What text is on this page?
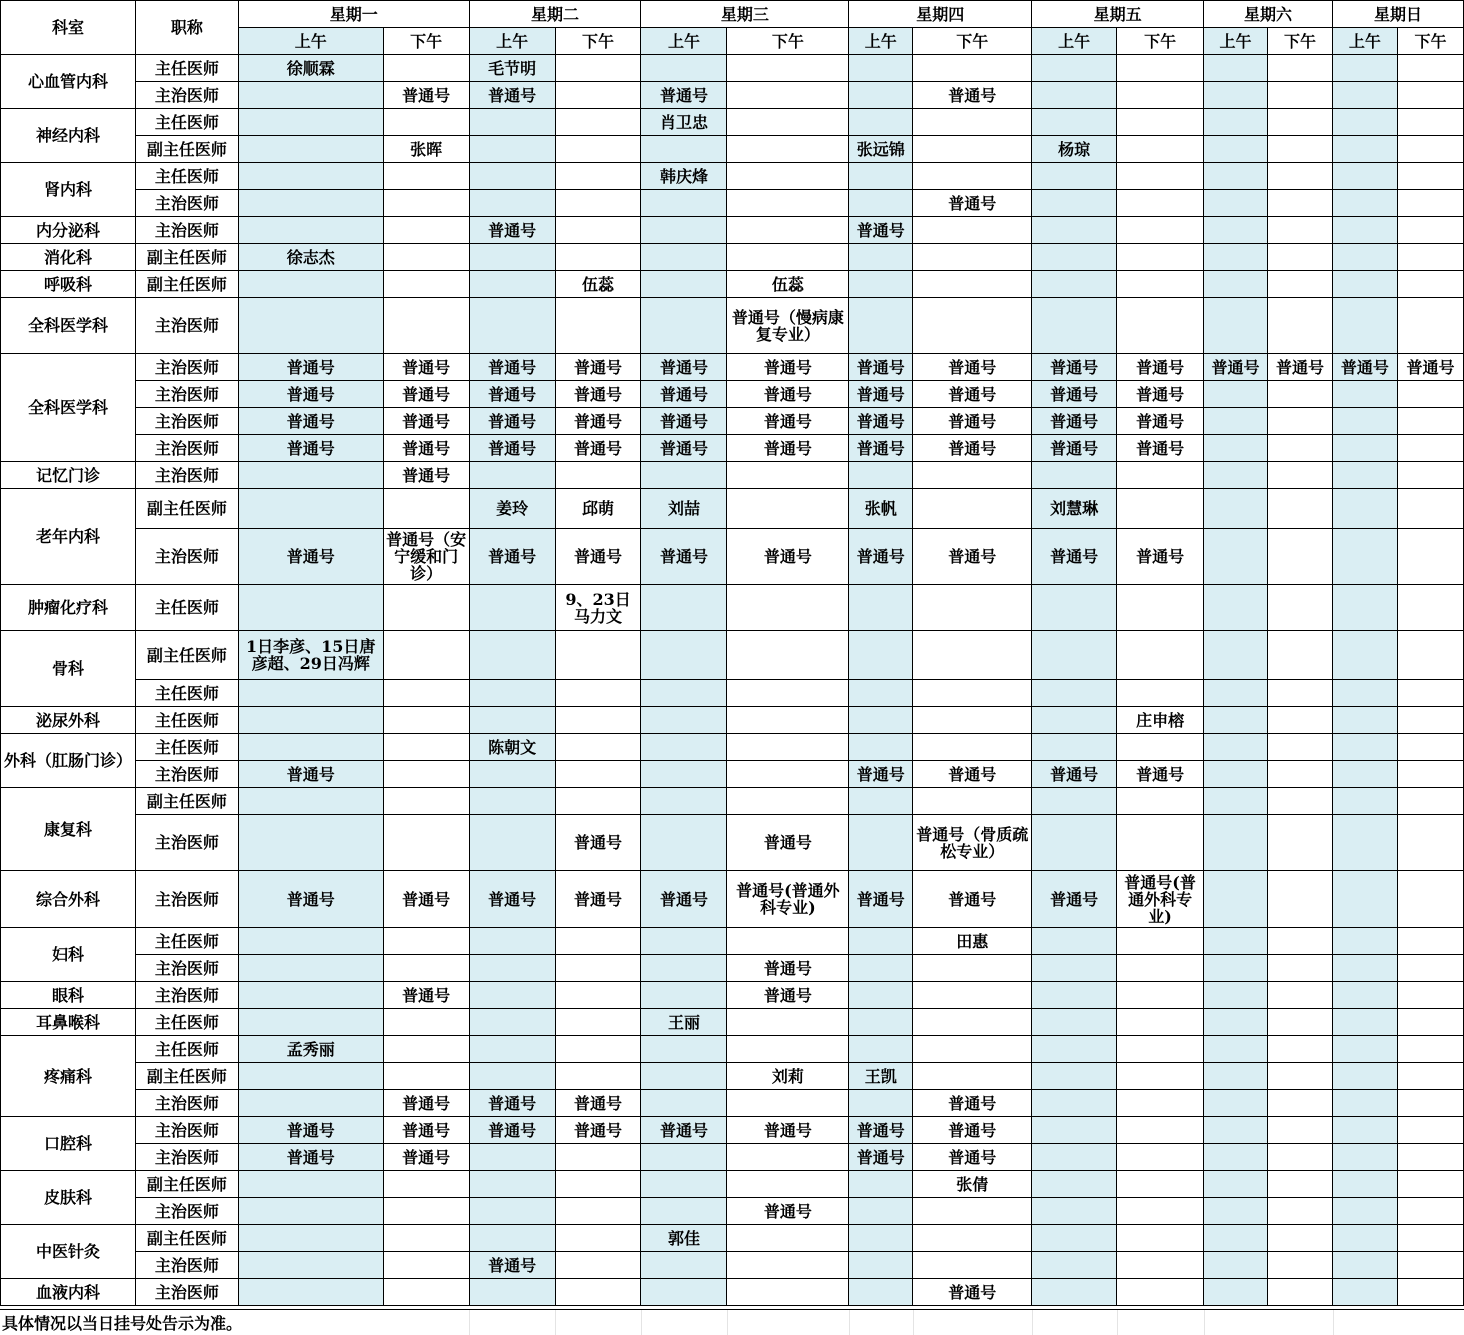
科室	职称	星期一		星期二		星期三		星期四		星期五		星期六		星期日	
		上午	下午	上午	下午	上午	下午	上午	下午	上午	下午	上午	下午	上午	下午
心血管内科	主任医师	徐顺霖		毛节明											
	主治医师		普通号	普通号		普通号			普通号						
神经内科	主任医师					肖卫忠									
	副主任医师		张晖					张远锦		杨琼					
肾内科	主任医师					韩庆烽									
	主治医师								普通号						
内分泌科	主治医师			普通号				普通号							
消化科	副主任医师	徐志杰													
呼吸科	副主任医师				伍蕊		伍蕊								
全科医学科	主治医师						普通号（慢病康复专业）								
全科医学科	主治医师	普通号	普通号	普通号	普通号	普通号	普通号	普通号	普通号	普通号	普通号	普通号	普通号	普通号	普通号
	主治医师	普通号	普通号	普通号	普通号	普通号	普通号	普通号	普通号	普通号	普通号				
	主治医师	普通号	普通号	普通号	普通号	普通号	普通号	普通号	普通号	普通号	普通号				
	主治医师	普通号	普通号	普通号	普通号	普通号	普通号	普通号	普通号	普通号	普通号				
记忆门诊	主治医师		普通号												
老年内科	副主任医师			姜玲	邱萌	刘喆		张帆		刘慧琳					
	主治医师	普通号	普通号（安宁缓和门诊）	普通号	普通号	普通号	普通号	普通号	普通号	普通号	普通号				
肿瘤化疗科	主任医师				9、23日马力文										
骨科	副主任医师	1日李彦、15日唐彦超、29日冯辉													
	主任医师														
泌尿外科	主任医师										庄申榕				
外科（肛肠门诊）	主任医师			陈朝文											
	主治医师	普通号						普通号	普通号	普通号	普通号				
康复科	副主任医师														
	主治医师				普通号		普通号		普通号（骨质疏松专业）						
综合外科	主治医师	普通号	普通号	普通号	普通号	普通号	普通号(普通外科专业)	普通号	普通号	普通号	普通号(普通外科专业)				
妇科	主任医师								田惠						
	主治医师						普通号								
眼科	主治医师		普通号				普通号								
耳鼻喉科	主任医师					王丽									
疼痛科	主任医师	孟秀丽													
	副主任医师						刘莉	王凯							
	主治医师		普通号	普通号	普通号				普通号						
口腔科	主治医师	普通号	普通号	普通号	普通号	普通号	普通号	普通号	普通号						
	主治医师	普通号	普通号					普通号	普通号						
皮肤科	副主任医师								张倩						
	主治医师						普通号								
中医针灸	副主任医师					郭佳									
	主治医师			普通号											
血液内科	主治医师								普通号						
具体情况以当日挂号处告示为准。
